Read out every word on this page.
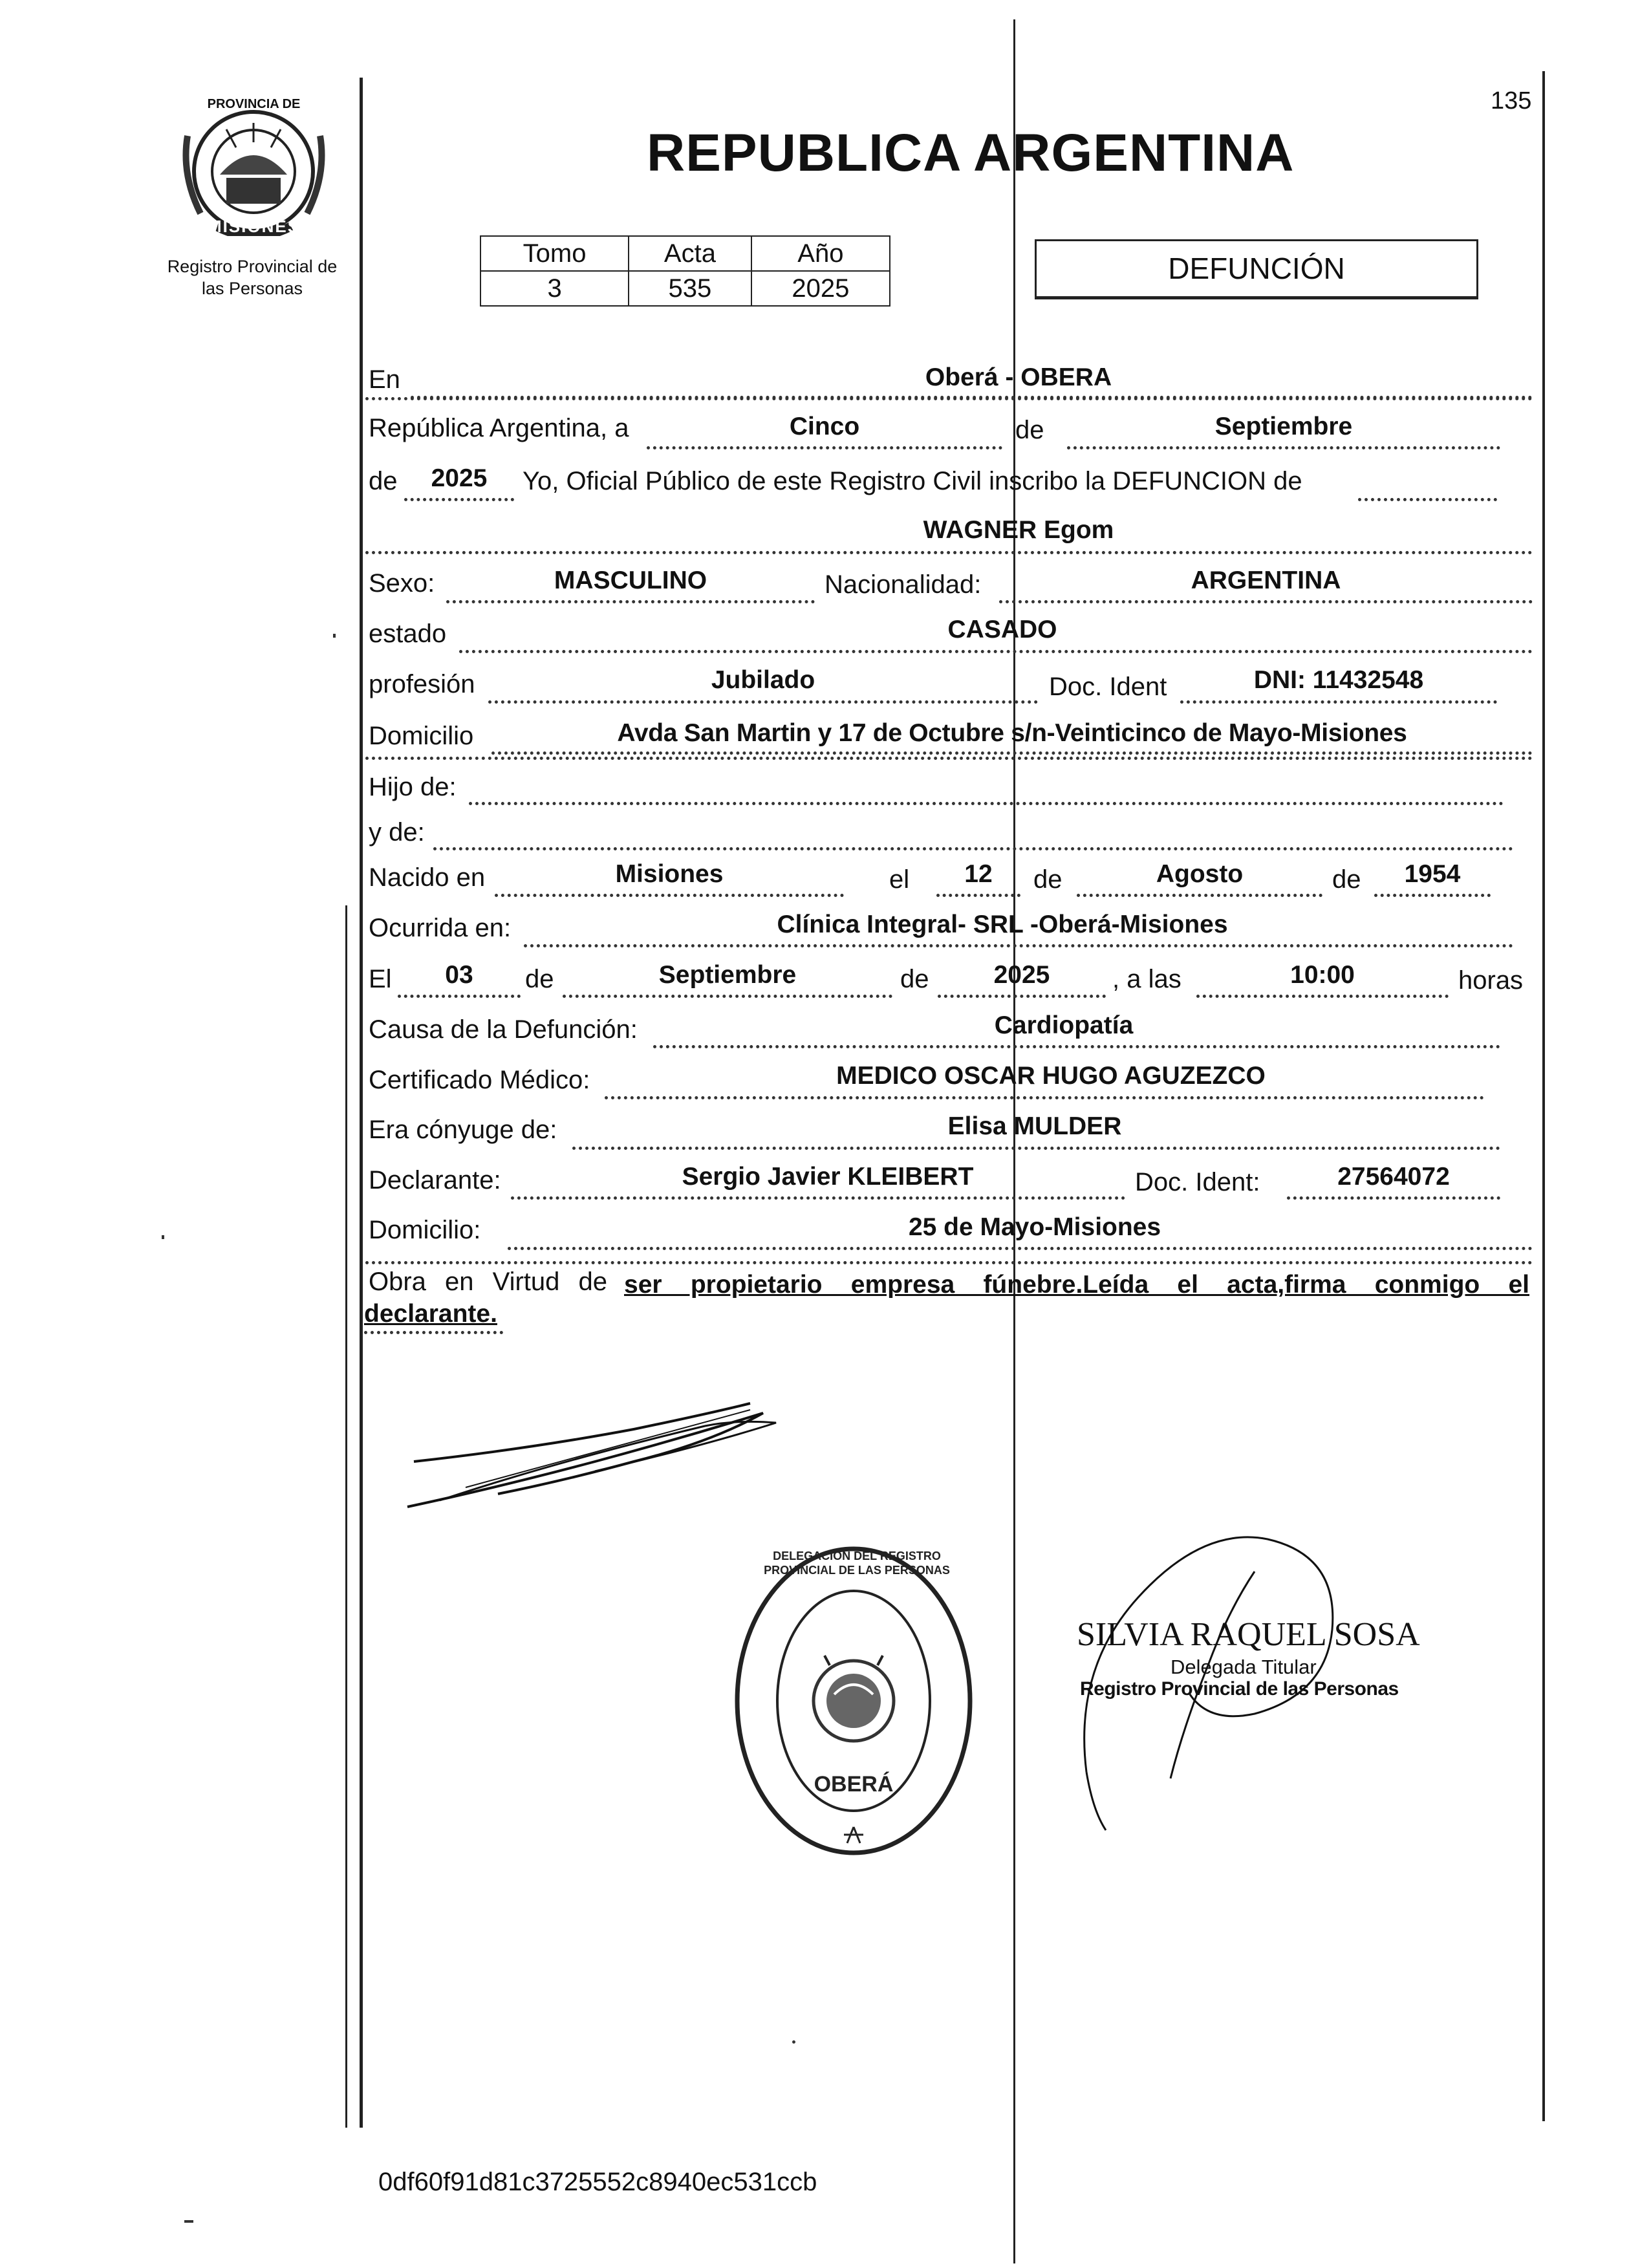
135
PROVINCIA DE
MISIONES
Registro Provincial de
las Personas
REPUBLICA ARGENTINA
Tomo	Acta	Año
3	535	2025
DEFUNCIÓN
En	Oberá - OBERA
República Argentina, a	Cinco	de	Septiembre
de	2025	Yo, Oficial Público de este Registro Civil inscribo la DEFUNCION de
WAGNER Egom
Sexo:	MASCULINO	Nacionalidad:	ARGENTINA
estado	CASADO
profesión	Jubilado	Doc. Ident	DNI: 11432548
Domicilio	Avda San Martin y 17 de Octubre s/n-Veinticinco de Mayo-Misiones
Hijo de:
y de:
Nacido en	Misiones	el	12	de	Agosto	de	1954
Ocurrida en:	Clínica Integral- SRL -Oberá-Misiones
El	03	de	Septiembre	de	2025	, a las	10:00	horas
Causa de la Defunción:	Cardiopatía
Certificado Médico:	MEDICO OSCAR HUGO AGUZEZCO
Era cónyuge de:	Elisa MULDER
Declarante:	Sergio Javier KLEIBERT	Doc. Ident:	27564072
Domicilio:	25 de Mayo-Misiones
Obra en Virtud de ser propietario empresa fúnebre.Leída el acta,firma conmigo el
declarante.
DELEGACION DEL REGISTRO PROVINCIAL DE LAS PERSONAS
OBERÁ
SILVIA RAQUEL SOSA
Delegada Titular
Registro Provincial de las Personas
0df60f91d81c3725552c8940ec531ccb
